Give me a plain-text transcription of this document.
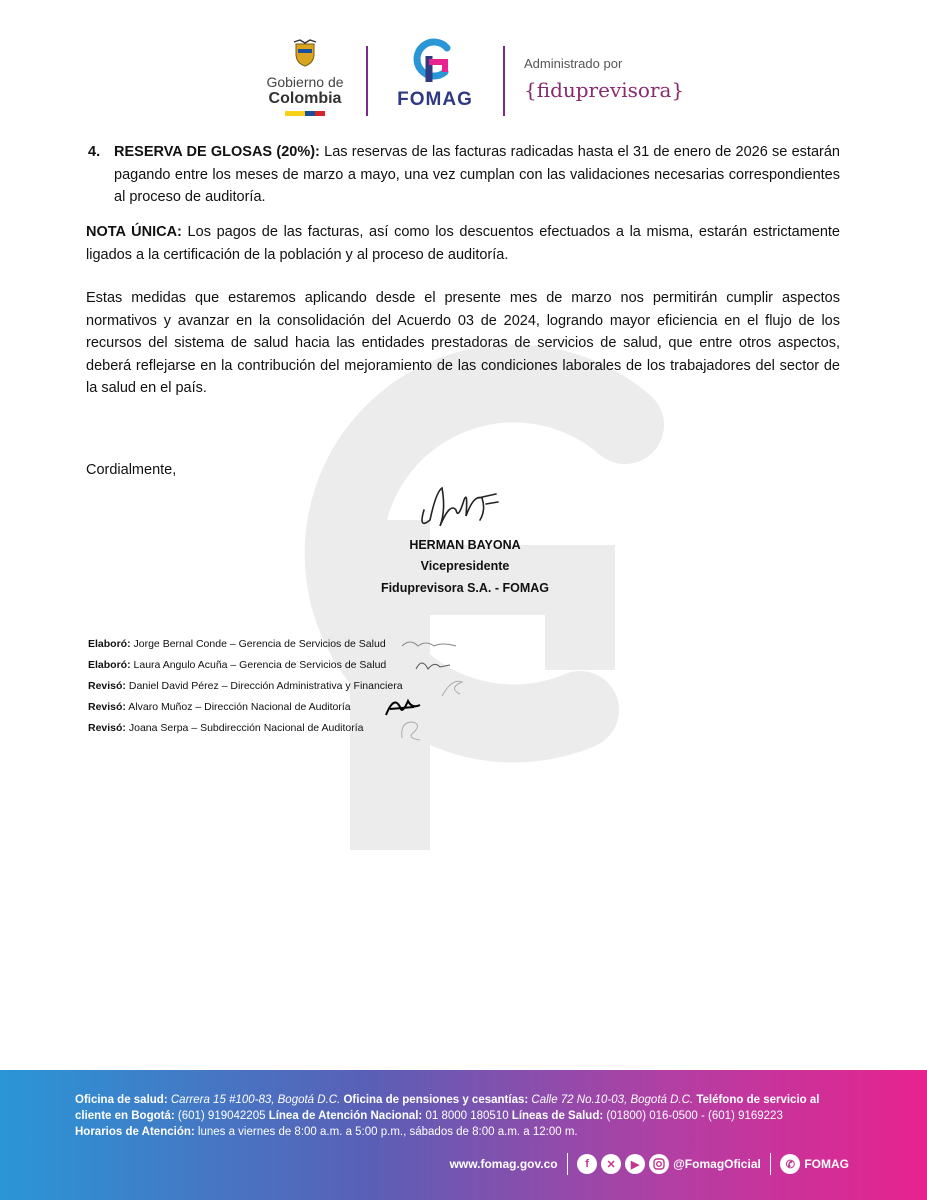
Gobierno de
Colombia	FOMAG
Administrado por
{fiduprevisora}
4. RESERVA DE GLOSAS (20%): Las reservas de las facturas radicadas hasta el 31 de enero de 2026 se estarán pagando entre los meses de marzo a mayo, una vez cumplan con las validaciones necesarias correspondientes al proceso de auditoría.
NOTA ÚNICA: Los pagos de las facturas, así como los descuentos efectuados a la misma, estarán estrictamente ligados a la certificación de la población y al proceso de auditoría.
Estas medidas que estaremos aplicando desde el presente mes de marzo nos permitirán cumplir aspectos normativos y avanzar en la consolidación del Acuerdo 03 de 2024, logrando mayor eficiencia en el flujo de los recursos del sistema de salud hacia las entidades prestadoras de servicios de salud, que entre otros aspectos, deberá reflejarse en la contribución del mejoramiento de las condiciones laborales de los trabajadores del sector de la salud en el país.
Cordialmente,
HERMAN BAYONA
Vicepresidente
Fiduprevisora S.A. - FOMAG
Elaboró: Jorge Bernal Conde – Gerencia de Servicios de Salud
Elaboró: Laura Angulo Acuña – Gerencia de Servicios de Salud
Revisó: Daniel David Pérez – Dirección Administrativa y Financiera
Revisó: Alvaro Muñoz – Dirección Nacional de Auditoría
Revisó: Joana Serpa – Subdirección Nacional de Auditoría
Oficina de salud: Carrera 15 #100-83, Bogotá D.C. Oficina de pensiones y cesantías: Calle 72 No.10-03, Bogotá D.C. Teléfono de servicio al cliente en Bogotá: (601) 919042205 Línea de Atención Nacional: 01 8000 180510 Líneas de Salud: (01800) 016-0500 - (601) 9169223
Horarios de Atención: lunes a viernes de 8:00 a.m. a 5:00 p.m., sábados de 8:00 a.m. a 12:00 m.
www.fomag.gov.co	f	✕	▶	@FomagOficial	✆ FOMAG
